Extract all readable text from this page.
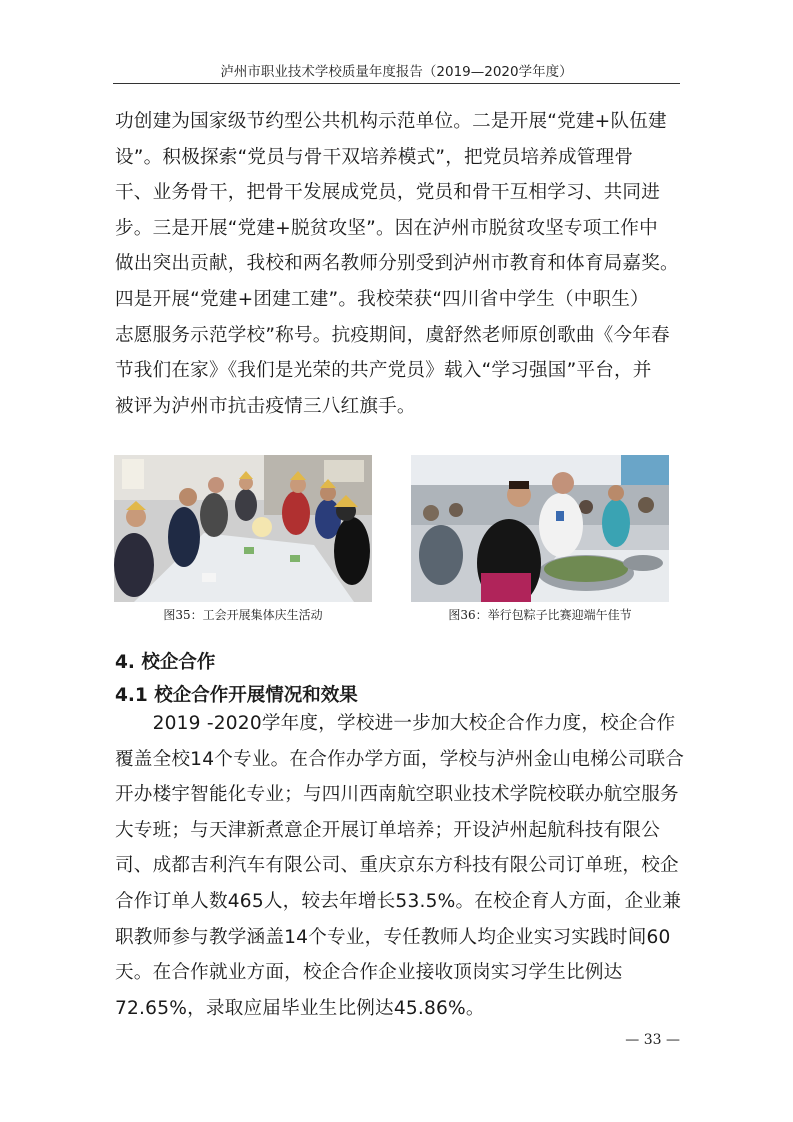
泸州市职业技术学校质量年度报告（2019—2020学年度）

功创建为国家级节约型公共机构示范单位。二是开展“党建+队伍建
设”。积极探索“党员与骨干双培养模式”，把党员培养成管理骨
干、业务骨干，把骨干发展成党员，党员和骨干互相学习、共同进
步。三是开展“党建+脱贫攻坚”。因在泸州市脱贫攻坚专项工作中
做出突出贡献，我校和两名教师分别受到泸州市教育和体育局嘉奖。
四是开展“党建+团建工建”。我校荣获“四川省中学生（中职生）
志愿服务示范学校”称号。抗疫期间，虞舒然老师原创歌曲《今年春
节我们在家》《我们是光荣的共产党员》载入“学习强国”平台，并
被评为泸州市抗击疫情三八红旗手。

图35：工会开展集体庆生活动	图36：举行包粽子比赛迎端午佳节
4. 校企合作
4.1 校企合作开展情况和效果

　　2019 -2020学年度，学校进一步加大校企合作力度，校企合作
覆盖全校14个专业。在合作办学方面，学校与泸州金山电梯公司联合
开办楼宇智能化专业；与四川西南航空职业技术学院校联办航空服务
大专班；与天津新煮意企开展订单培养；开设泸州起航科技有限公
司、成都吉利汽车有限公司、重庆京东方科技有限公司订单班，校企
合作订单人数465人，较去年增长53.5%。在校企育人方面，企业兼
职教师参与教学涵盖14个专业，专任教师人均企业实习实践时间60
天。在合作就业方面，校企合作企业接收顶岗实习学生比例达
72.65%，录取应届毕业生比例达45.86%。

— 33 —
